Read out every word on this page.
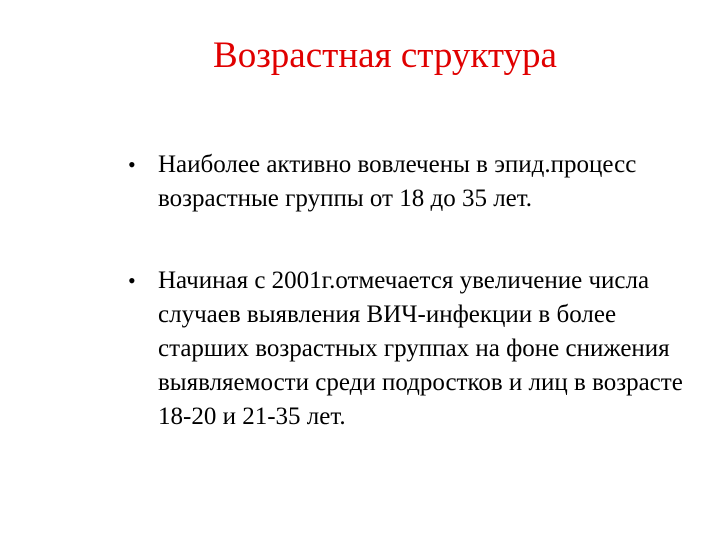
Возрастная структура
• Наиболее активно вовлечены в эпид.процесс возрастные группы от 18 до 35 лет.
• Начиная с 2001г.отмечается увеличение числа случаев выявления ВИЧ-инфекции в более старших возрастных группах на фоне снижения выявляемости среди подростков и лиц в возрасте 18-20 и 21-35 лет.
